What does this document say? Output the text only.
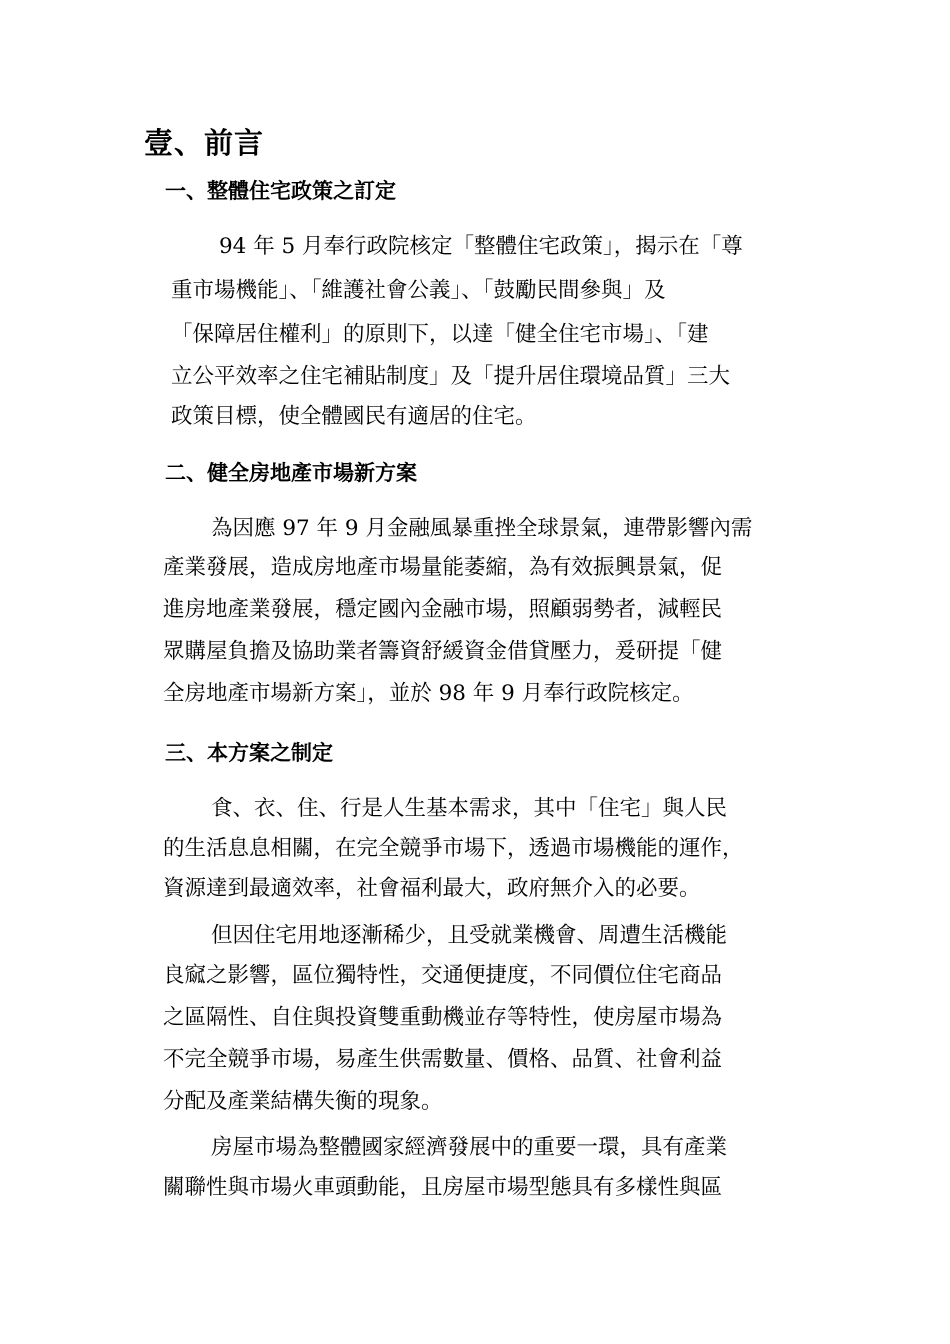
壹、前言
一、整體住宅政策之訂定
94 年 5 月奉行政院核定「整體住宅政策」，揭示在「尊
重市場機能」、「維護社會公義」、「鼓勵民間參與」及
「保障居住權利」的原則下，以達「健全住宅市場」、「建
立公平效率之住宅補貼制度」及「提升居住環境品質」三大
政策目標，使全體國民有適居的住宅。
二、健全房地產市場新方案
為因應 97 年 9 月金融風暴重挫全球景氣，連帶影響內需
產業發展，造成房地產市場量能萎縮，為有效振興景氣，促
進房地產業發展，穩定國內金融市場，照顧弱勢者，減輕民
眾購屋負擔及協助業者籌資舒緩資金借貸壓力，爰研提「健
全房地產市場新方案」，並於 98 年 9 月奉行政院核定。
三、本方案之制定
食、衣、住、行是人生基本需求，其中「住宅」與人民
的生活息息相關，在完全競爭市場下，透過市場機能的運作，
資源達到最適效率，社會福利最大，政府無介入的必要。
但因住宅用地逐漸稀少，且受就業機會、周遭生活機能
良窳之影響，區位獨特性，交通便捷度，不同價位住宅商品
之區隔性、自住與投資雙重動機並存等特性，使房屋市場為
不完全競爭市場，易產生供需數量、價格、品質、社會利益
分配及產業結構失衡的現象。
房屋市場為整體國家經濟發展中的重要一環，具有產業
關聯性與市場火車頭動能，且房屋市場型態具有多樣性與區
